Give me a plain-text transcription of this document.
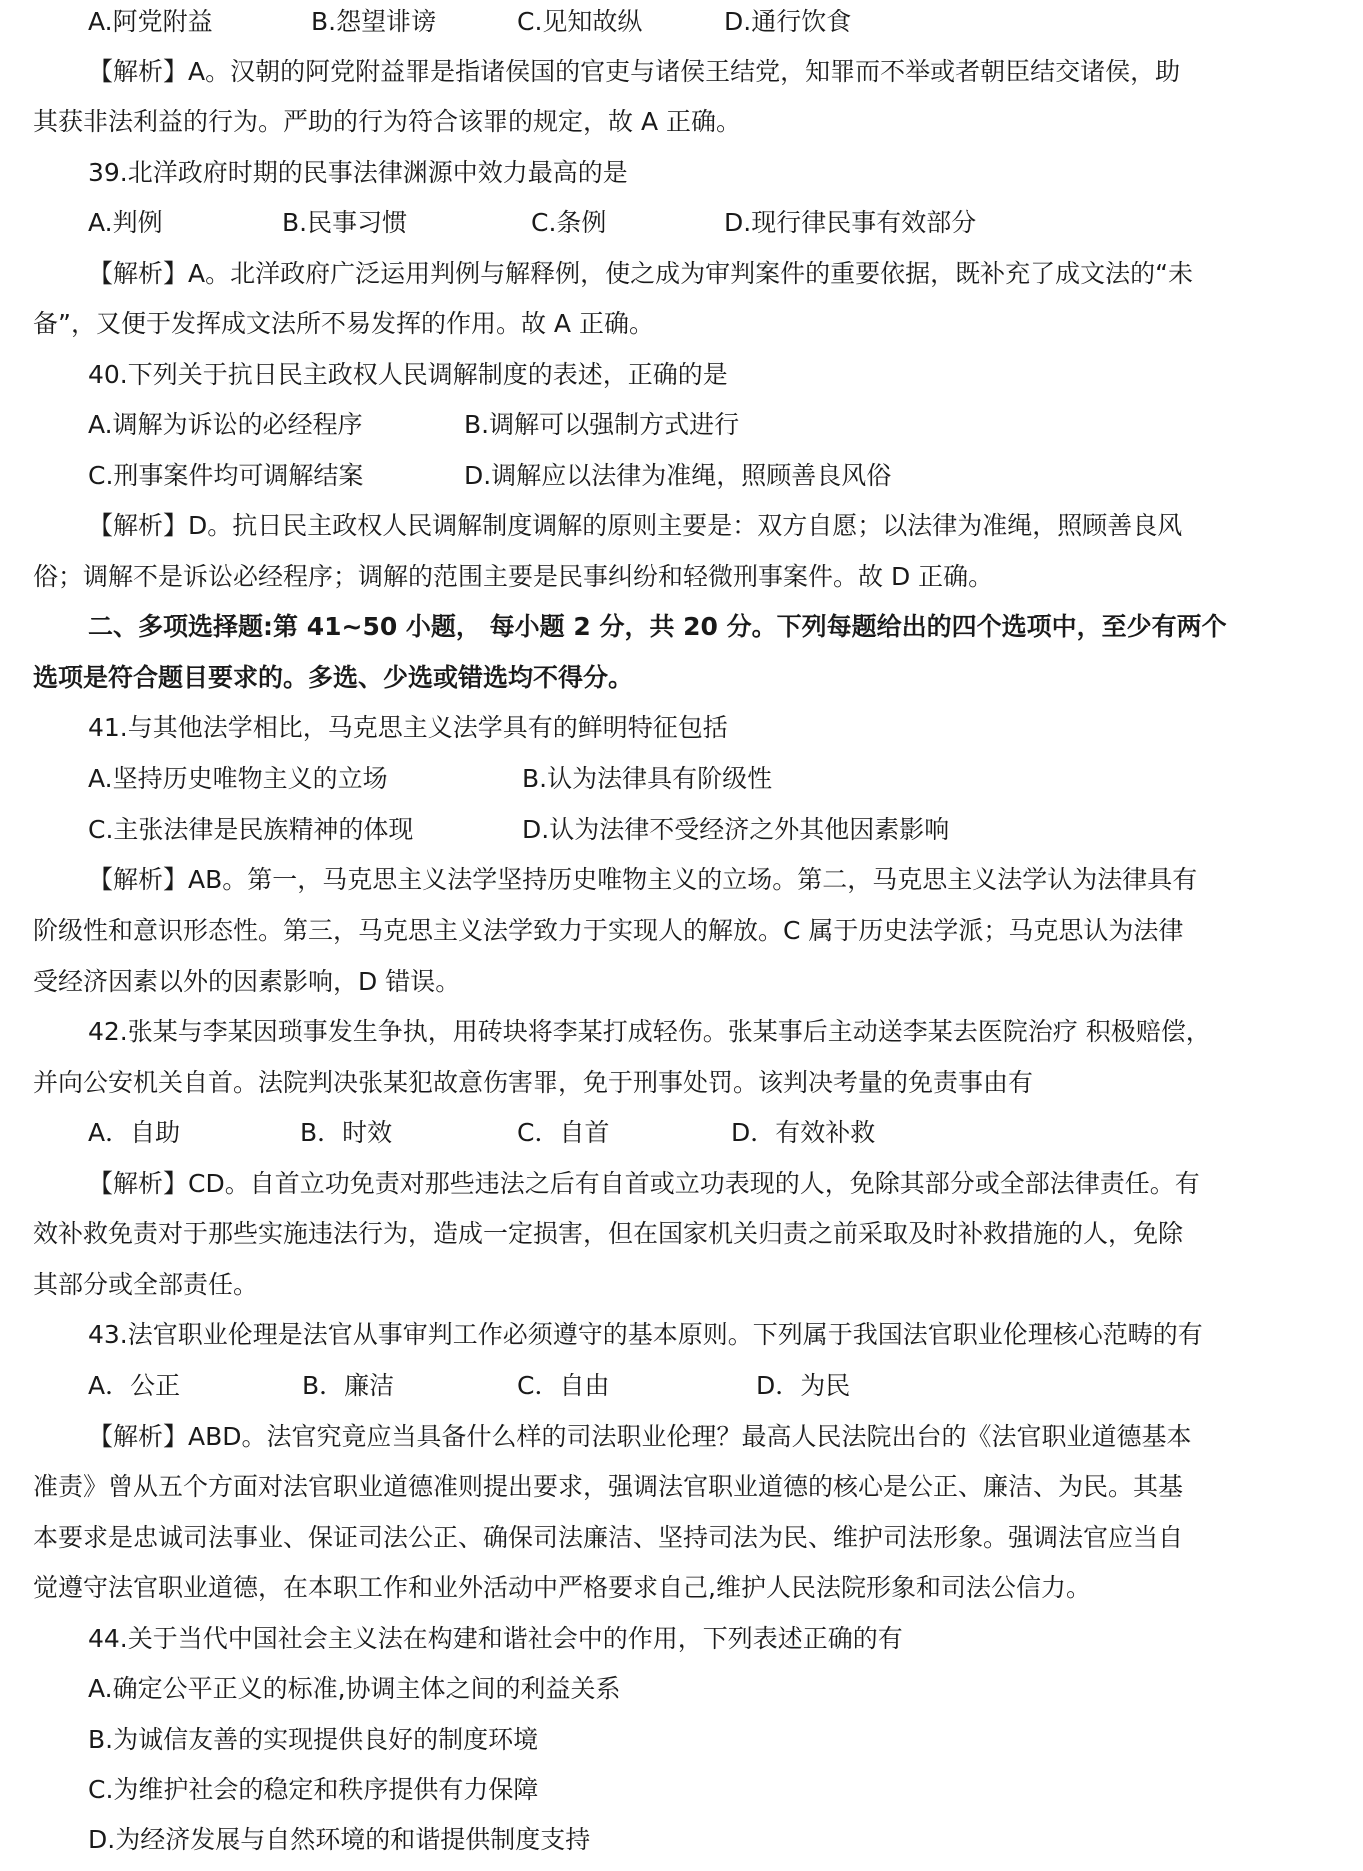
A.阿党附益	B.怨望诽谤	C.见知故纵	D.通行饮食
【解析】A。汉朝的阿党附益罪是指诸侯国的官吏与诸侯王结党，知罪而不举或者朝臣结交诸侯，助
其获非法利益的行为。严助的行为符合该罪的规定，故 A 正确。
39.北洋政府时期的民事法律渊源中效力最高的是
A.判例	B.民事习惯	C.条例	D.现行律民事有效部分
【解析】A。北洋政府广泛运用判例与解释例，使之成为审判案件的重要依据，既补充了成文法的“未
备”，又便于发挥成文法所不易发挥的作用。故 A 正确。
40.下列关于抗日民主政权人民调解制度的表述，正确的是
A.调解为诉讼的必经程序	B.调解可以强制方式进行
C.刑事案件均可调解结案	D.调解应以法律为准绳，照顾善良风俗
【解析】D。抗日民主政权人民调解制度调解的原则主要是：双方自愿；以法律为准绳，照顾善良风
俗；调解不是诉讼必经程序；调解的范围主要是民事纠纷和轻微刑事案件。故 D 正确。
二、多项选择题:第 41~50 小题， 每小题 2 分，共 20 分。下列每题给出的四个选项中，至少有两个
选项是符合题目要求的。多选、少选或错选均不得分。
41.与其他法学相比，马克思主义法学具有的鲜明特征包括
A.坚持历史唯物主义的立场	B.认为法律具有阶级性
C.主张法律是民族精神的体现	D.认为法律不受经济之外其他因素影响
【解析】AB。第一，马克思主义法学坚持历史唯物主义的立场。第二，马克思主义法学认为法律具有
阶级性和意识形态性。第三，马克思主义法学致力于实现人的解放。C 属于历史法学派；马克思认为法律
受经济因素以外的因素影响，D 错误。
42.张某与李某因琐事发生争执，用砖块将李某打成轻伤。张某事后主动送李某去医院治疗 积极赔偿，
并向公安机关自首。法院判决张某犯故意伤害罪，免于刑事处罚。该判决考量的免责事由有
A．自助	B．时效	C．自首	D．有效补救
【解析】CD。自首立功免责对那些违法之后有自首或立功表现的人，免除其部分或全部法律责任。有
效补救免责对于那些实施违法行为，造成一定损害，但在国家机关归责之前采取及时补救措施的人，免除
其部分或全部责任。
43.法官职业伦理是法官从事审判工作必须遵守的基本原则。下列属于我国法官职业伦理核心范畴的有
A．公正	B．廉洁	C．自由	D．为民
【解析】ABD。法官究竟应当具备什么样的司法职业伦理？最高人民法院出台的《法官职业道德基本
准责》曾从五个方面对法官职业道德准则提出要求，强调法官职业道德的核心是公正、廉洁、为民。其基
本要求是忠诚司法事业、保证司法公正、确保司法廉洁、坚持司法为民、维护司法形象。强调法官应当自
觉遵守法官职业道德，在本职工作和业外活动中严格要求自己,维护人民法院形象和司法公信力。
44.关于当代中国社会主义法在构建和谐社会中的作用，下列表述正确的有
A.确定公平正义的标准,协调主体之间的利益关系
B.为诚信友善的实现提供良好的制度环境
C.为维护社会的稳定和秩序提供有力保障
D.为经济发展与自然环境的和谐提供制度支持
